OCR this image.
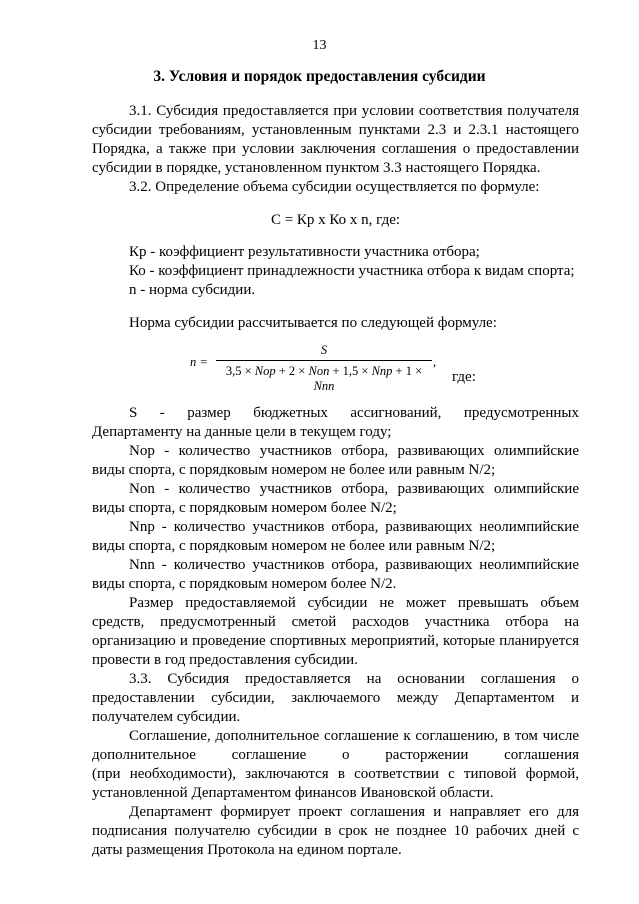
13
3. Условия и порядок предоставления субсидии
3.1. Субсидия предоставляется при условии соответствия получателя
субсидии требованиям, установленным пунктами 2.3 и 2.3.1 настоящего
Порядка, а также при условии заключения соглашения о предоставлении
субсидии в порядке, установленном пунктом 3.3 настоящего Порядка.
3.2. Определение объема субсидии осуществляется по формуле:
С = Кр х Ко х n, где:
Кр - коэффициент результативности участника отбора;
Ко - коэффициент принадлежности участника отбора к видам спорта;
n - норма субсидии.
Норма субсидии рассчитывается по следующей формуле:
n =
S
3,5 × Nop + 2 × Non + 1,5 × Nnp + 1 × Nnn
,
где:
S - размер бюджетных ассигнований, предусмотренных
Департаменту на данные цели в текущем году;
Nop - количество участников отбора, развивающих олимпийские
виды спорта, с порядковым номером не более или равным N/2;
Non - количество участников отбора, развивающих олимпийские
виды спорта, с порядковым номером более N/2;
Nnp - количество участников отбора, развивающих неолимпийские
виды спорта, с порядковым номером не более или равным N/2;
Nnn - количество участников отбора, развивающих неолимпийские
виды спорта, с порядковым номером более N/2.
Размер предоставляемой субсидии не может превышать объем
средств, предусмотренный сметой расходов участника отбора на
организацию и проведение спортивных мероприятий, которые планируется
провести в год предоставления субсидии.
3.3. Субсидия предоставляется на основании соглашения о
предоставлении субсидии, заключаемого между Департаментом и
получателем субсидии.
Соглашение, дополнительное соглашение к соглашению, в том числе
дополнительное соглашение о расторжении соглашения
(при необходимости), заключаются в соответствии с типовой формой,
установленной Департаментом финансов Ивановской области.
Департамент формирует проект соглашения и направляет его для
подписания получателю субсидии в срок не позднее 10 рабочих дней с
даты размещения Протокола на едином портале.
